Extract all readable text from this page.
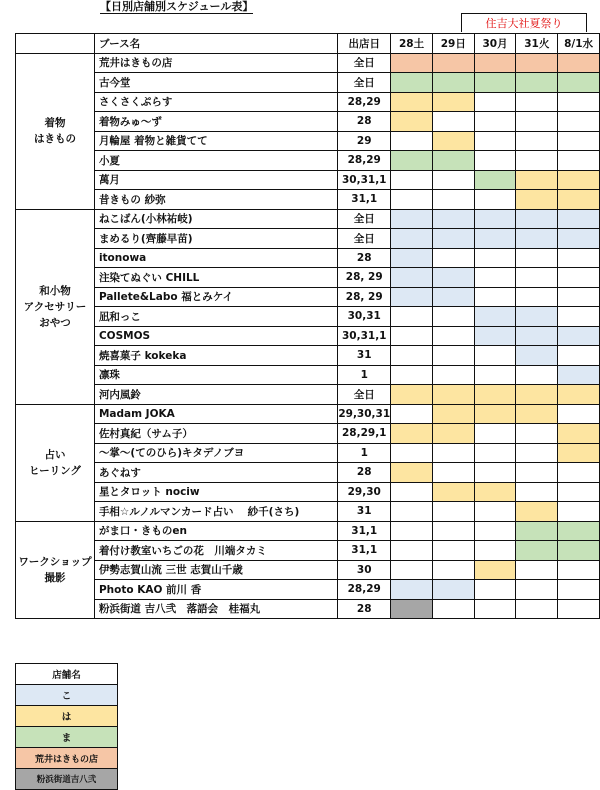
【日別店舗別スケジュール表】
住吉大社夏祭り
	ブース名	出店日	28土	29日	30月	31火	8/1水

着物
はきもの	荒井はきもの店	全日					
	古今堂	全日					
	さくさくぷらす	28,29					
	着物みゅ～ず	28					
	月輪屋 着物と雑貨てて	29					
	小夏	28,29					
	萬月	30,31,1					
	昔きもの 紗弥	31,1					

和小物
アクセサリー
おやつ	ねこばん(小林祐岐)	全日					
	まめるり(齊藤早苗)	全日					
	itonowa	28					
	注染てぬぐい CHILL	28, 29					
	Pallete&Labo 福とみケイ	28, 29					
	凪和っこ	30,31					
	COSMOS	30,31,1					
	焼喜菓子 kokeka	31					
	凛珠	1					
	河内風鈴	全日					

占い
ヒーリング	Madam JOKA	29,30,31					
	佐村真紀（サム子）	28,29,1					
	～掌～(てのひら)キタデノブヨ	1					
	あぐねす	28					
	星とタロット nociw	29,30					
	手相☆ルノルマンカード占い　 紗千(さち)	31					

ワークショップ
撮影	がま口・きものen	31,1					
	着付け教室いちごの花　川端タカミ	31,1					
	伊勢志賀山流 三世 志賀山千歳	30					
	Photo KAO 前川 香	28,29					
	粉浜街道 吉八弐　落語会　桂福丸	28					
店舗名
こ
は
ま
荒井はきもの店
粉浜街道吉八弐
